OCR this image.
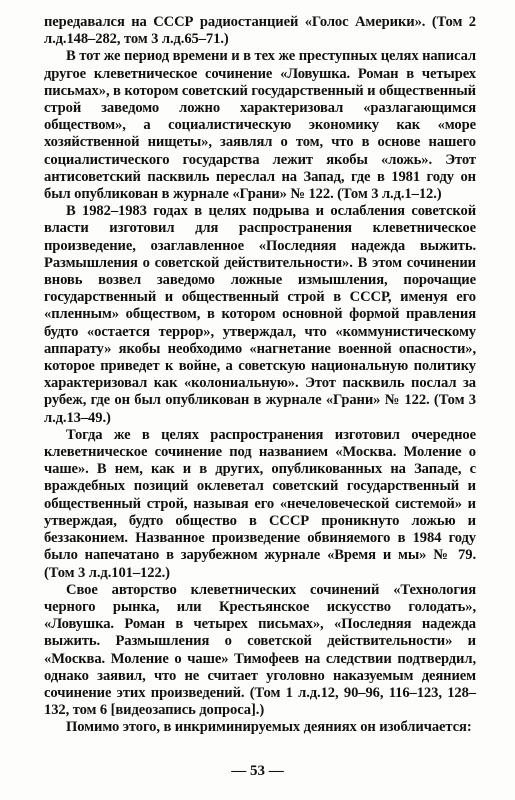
передавался на СССР радиостанцией «Голос Америки». (Том 2 л.д.148–282, том 3 л.д.65–71.)

В тот же период времени и в тех же преступных целях написал другое клеветническое сочинение «Ловушка. Роман в четырех письмах», в котором советский государственный и общественный строй заведомо ложно характеризовал «разлагающимся обществом», а социалистическую экономику как «море хозяйственной нищеты», заявлял о том, что в основе нашего социалистического государства лежит якобы «ложь». Этот антисоветский пасквиль переслал на Запад, где в 1981 году он был опубликован в журнале «Грани» № 122. (Том 3 л.д.1–12.)

В 1982–1983 годах в целях подрыва и ослабления советской власти изготовил для распространения клеветническое произведение, озаглавленное «Последняя надежда выжить. Размышления о советской действительности». В этом сочинении вновь возвел заведомо ложные измышления, порочащие государственный и общественный строй в СССР, именуя его «пленным» обществом, в котором основной формой правления будто «остается террор», утверждал, что «коммунистическому аппарату» якобы необходимо «нагнетание военной опасности», которое приведет к войне, а советскую национальную политику характеризовал как «колониальную». Этот пасквиль послал за рубеж, где он был опубликован в журнале «Грани» № 122. (Том 3 л.д.13–49.)

Тогда же в целях распространения изготовил очередное клеветническое сочинение под названием «Москва. Моление о чаше». В нем, как и в других, опубликованных на Западе, с враждебных позиций оклеветал советский государственный и общественный строй, называя его «нечеловеческой системой» и утверждая, будто общество в СССР проникнуто ложью и беззаконием. Названное произведение обвиняемого в 1984 году было напечатано в зарубежном журнале «Время и мы» № 79. (Том 3 л.д.101–122.)

Свое авторство клеветнических сочинений «Технология черного рынка, или Крестьянское искусство голодать», «Ловушка. Роман в четырех письмах», «Последняя надежда выжить. Размышления о советской действительности» и «Москва. Моление о чаше» Тимофеев на следствии подтвердил, однако заявил, что не считает уголовно наказуемым деянием сочинение этих произведений. (Том 1 л.д.12, 90–96, 116–123, 128–132, том 6 [видеозапись допроса].)

Помимо этого, в инкриминируемых деяниях он изобличается:

— 53 —
